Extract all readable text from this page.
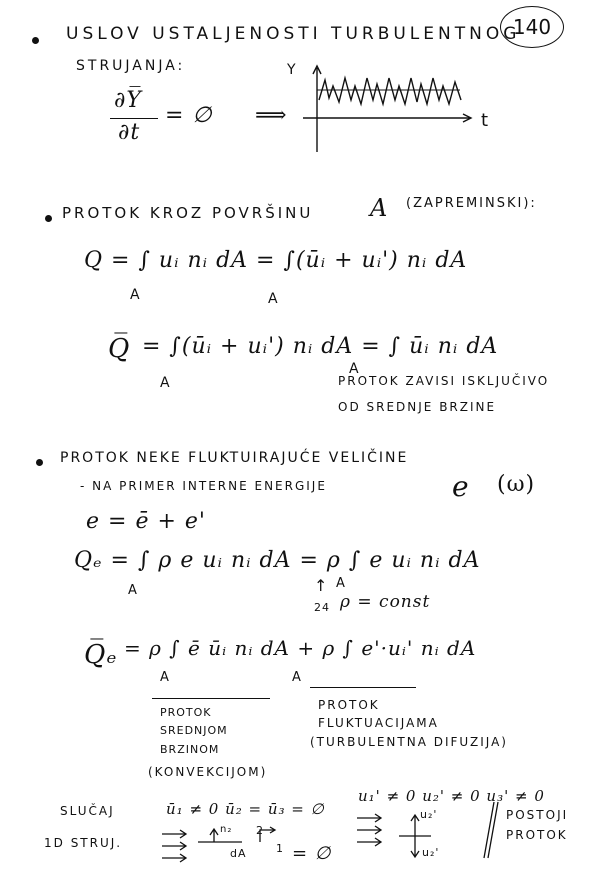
140
USLOV USTALJENOSTI TURBULENTNOG
STRUJANJA:
∂Y̅
∂t
= ∅ ⟹
Y
t
PROTOK KROZ POVRŠINU A (ZAPREMINSKI):
Q = ∫ uᵢ nᵢ dA = ∫(ūᵢ + uᵢ') nᵢ dA
A	A
Q̅ = ∫(ūᵢ + uᵢ') nᵢ dA = ∫ ūᵢ nᵢ dA
A
A
PROTOK ZAVISI ISKLJUČIVO
OD SREDNJE BRZINE
PROTOK NEKE FLUKTUIRAJUĆE VELIČINE
- NA PRIMER INTERNE ENERGIJE	e (ω)
e = ē + e'
Qₑ = ∫ ρ e uᵢ nᵢ dA = ρ ∫ e uᵢ nᵢ dA
A	A
↑
24 ρ = const
Q̅ₑ = ρ ∫ ē ūᵢ nᵢ dA + ρ ∫ e'·uᵢ' nᵢ dA
A	A
PROTOK
SREDNJOM
BRZINOM
(KONVEKCIJOM)
PROTOK
FLUKTUACIJAMA
(TURBULENTNA DIFUZIJA)
SLUČAJ
1D STRUJ.
ū₁ ≠ 0 ū₂ = ū₃ = ∅
u₁' ≠ 0 u₂' ≠ 0 u₃' ≠ 0
n₂
dA
2
1 = ∅
u₂'
u₂'
POSTOJI
PROTOK
